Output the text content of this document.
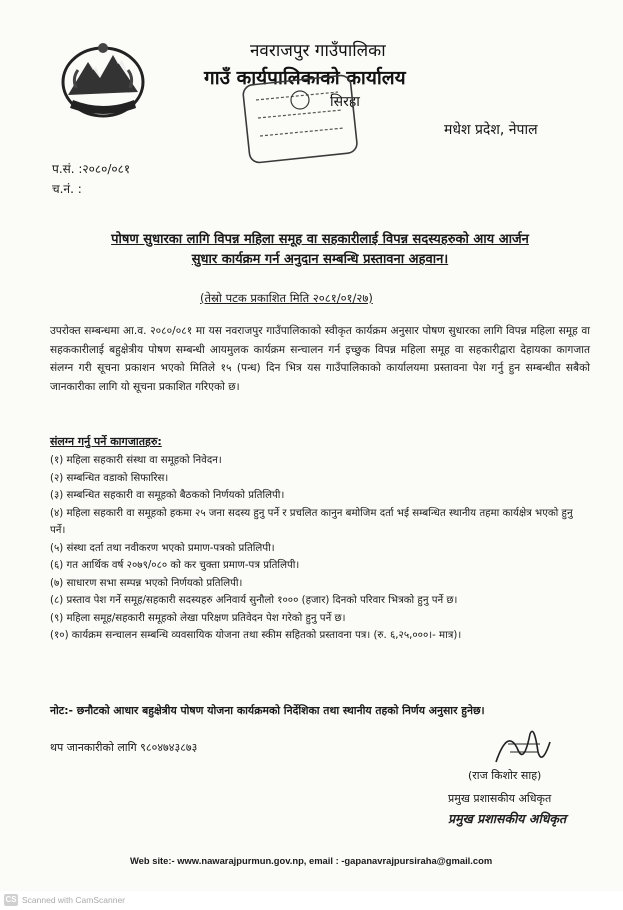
नवराजपुर गाउँपालिका
गाउँ कार्यपालिकाको कार्यालय
सिरहा
मधेश प्रदेश, नेपाल
प.सं. :२०८०/०८१
च.नं. :
पोषण सुधारका लागि विपन्न महिला समूह वा सहकारीलाई विपन्न सदस्यहरुको आय आर्जन
सुधार कार्यक्रम गर्न अनुदान सम्बन्धि प्रस्तावना अहवान।
(तेस्रो पटक प्रकाशित मिति २०८१/०१/२७)
उपरोक्त सम्बन्धमा आ.व. २०८०/०८१ मा यस नवराजपुर गाउँपालिकाको स्वीकृत कार्यक्रम अनुसार पोषण सुधारका लागि विपन्न महिला समूह वा सहककारीलाई बहुक्षेत्रीय पोषण सम्बन्धी आयमुलक कार्यक्रम सन्चालन गर्न इच्छुक विपन्न महिला समूह वा सहकारीद्वारा देहायका कागजात संलग्न गरी सूचना प्रकाशन भएको मितिले १५ (पन्ध) दिन भित्र यस गाउँपालिकाको कार्यालयमा प्रस्तावना पेश गर्नु हुन सम्बन्धीत सबैको जानकारीका लागि यो सूचना प्रकाशित गरिएको छ।
संलग्न गर्नु पर्ने कागजातहरु:
(१) महिला सहकारी संस्था वा समूहको निवेदन।
(२) सम्बन्धित वडाको सिफारिस।
(३) सम्बन्धित सहकारी वा समूहको बैठकको निर्णयको प्रतिलिपी।
(४) महिला सहकारी वा समूहको हकमा २५ जना सदस्य हुनु पर्ने र प्रचलित कानुन बमोजिम दर्ता भई सम्बन्धित स्थानीय तहमा कार्यक्षेत्र भएको हुनु पर्ने।
(५) संस्था दर्ता तथा नवीकरण भएको प्रमाण-पत्रको प्रतिलिपी।
(६) गत आर्थिक वर्ष २०७९/०८० को कर चुक्ता प्रमाण-पत्र प्रतिलिपी।
(७) साधारण सभा सम्पन्न भएको निर्णयको प्रतिलिपी।
(८) प्रस्ताव पेश गर्ने समूह/सहकारी सदस्यहरु अनिवार्य सुनौलो १००० (हजार) दिनको परिवार भित्रको हुनु पर्ने छ।
(९) महिला समूह/सहकारी समूहको लेखा परिक्षण प्रतिवेदन पेश गरेको हुनु पर्ने छ।
(१०) कार्यक्रम सन्चालन सम्बन्धि व्यवसायिक योजना तथा स्कीम सहितको प्रस्तावना पत्र। (रु. ६,२५,०००।- मात्र)।
नोट:- छनौटको आधार बहुक्षेत्रीय पोषण योजना कार्यक्रमको निर्देशिका तथा स्थानीय तहको निर्णय अनुसार हुनेछ।
थप जानकारीको लागि ९८०४७४३८७३
(राज किशोर साह)
प्रमुख प्रशासकीय अधिकृत
प्रमुख प्रशासकीय अधिकृत
Web site:- www.nawarajpurmun.gov.np, email : -gapanavrajpursiraha@gmail.com
CS Scanned with CamScanner
